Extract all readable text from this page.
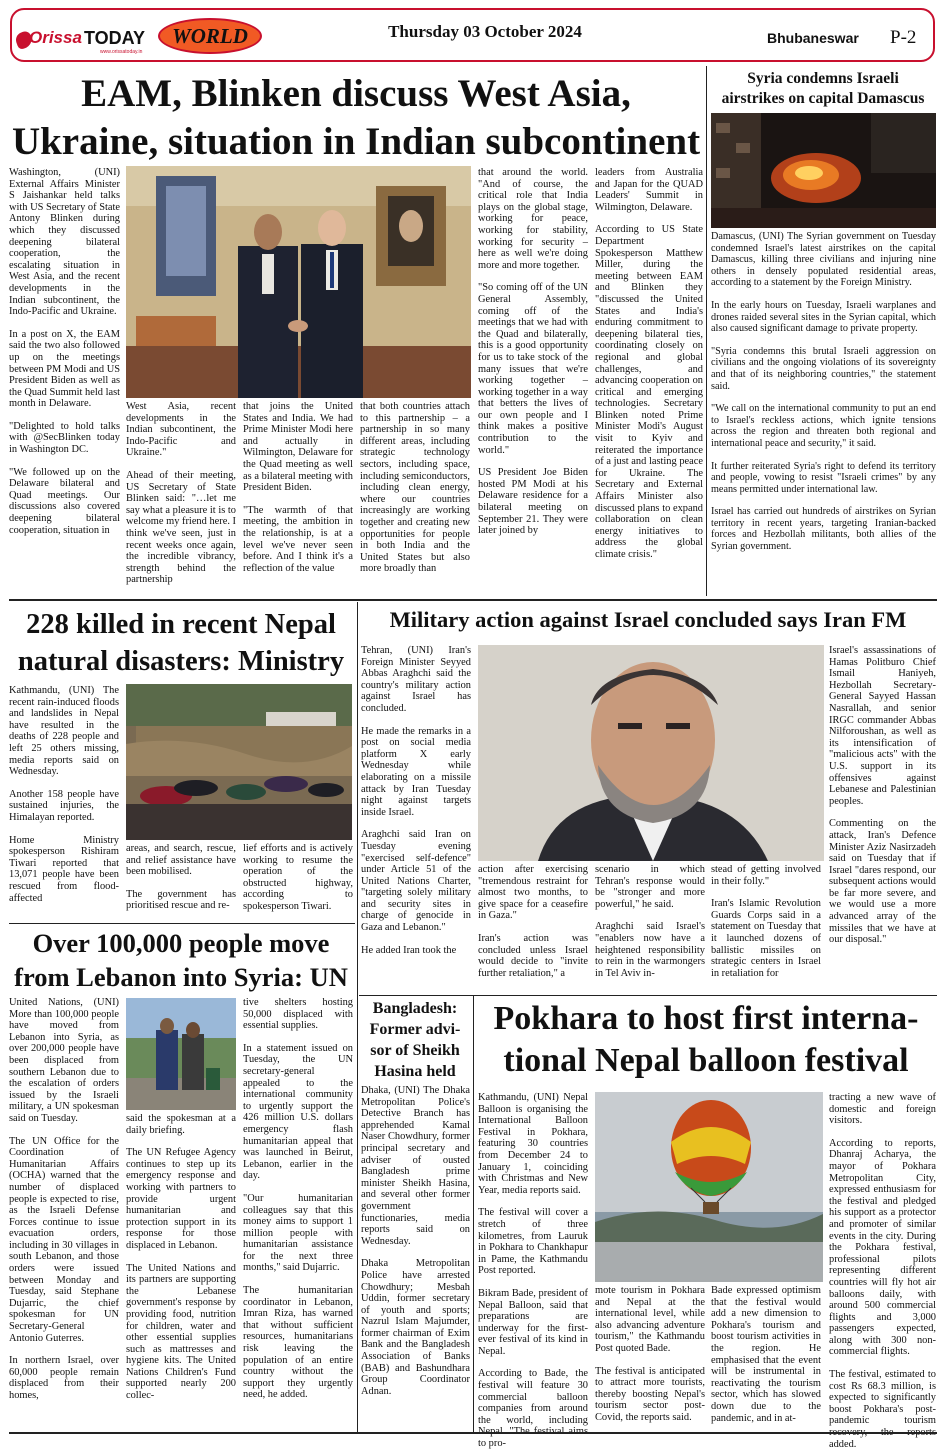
Orissa TODAY
www.orissatoday.in
WORLD	Thursday 03 October 2024	Bhubaneswar P-2
EAM, Blinken discuss West Asia,
Ukraine, situation in Indian subcontinent

Washington, (UNI) External Affairs Minister S Jaishankar held talks with US Secretary of State Antony Blinken during which they discussed deepening bilateral cooperation, the escalating situation in West Asia, and the recent developments in the Indian subcontinent, the Indo-Pacific and Ukraine.

In a post on X, the EAM said the two also followed up on the meetings between PM Modi and US President Biden as well as the Quad Summit held last month in Delaware.

"Delighted to hold talks with @SecBlinken today in Washington DC.

"We followed up on the Delaware bilateral and Quad meetings. Our discussions also covered deepening bilateral cooperation, situation in

West Asia, recent developments in the Indian subcontinent, the Indo-Pacific and Ukraine."

Ahead of their meeting, US Secretary of State Blinken said: "…let me say what a pleasure it is to welcome my friend here. I think we've seen, just in recent weeks once again, the incredible vibrancy, strength behind the partnership

that joins the United States and India. We had Prime Minister Modi here and actually in Wilmington, Delaware for the Quad meeting as well as a bilateral meeting with President Biden.

"The warmth of that meeting, the ambition in the relationship, is at a level we've never seen before. And I think it's a reflection of the value

that both countries attach to this partnership – a partnership in so many different areas, including strategic technology sectors, including space, including semiconductors, including clean energy, where our countries increasingly are working together and creating new opportunities for people in both India and the United States but also more broadly than

that around the world. "And of course, the critical role that India plays on the global stage, working for peace, working for stability, working for security – here as well we're doing more and more together.

"So coming off of the UN General Assembly, coming off of the meetings that we had with the Quad and bilaterally, this is a good opportunity for us to take stock of the many issues that we're working together – working together in a way that betters the lives of our own people and I think makes a positive contribution to the world."

US President Joe Biden hosted PM Modi at his Delaware residence for a bilateral meeting on September 21. They were later joined by

leaders from Australia and Japan for the QUAD Leaders' Summit in Wilmington, Delaware.

According to US State Department Spokesperson Matthew Miller, during the meeting between EAM and Blinken they "discussed the United States and India's enduring commitment to deepening bilateral ties, coordinating closely on regional and global challenges, and advancing cooperation on critical and emerging technologies. Secretary Blinken noted Prime Minister Modi's August visit to Kyiv and reiterated the importance of a just and lasting peace for Ukraine. The Secretary and External Affairs Minister also discussed plans to expand collaboration on clean energy initiatives to address the global climate crisis."

Syria condemns Israeli
airstrikes on capital Damascus

Damascus, (UNI) The Syrian government on Tuesday condemned Israel's latest airstrikes on the capital Damascus, killing three civilians and injuring nine others in densely populated residential areas, according to a statement by the Foreign Ministry.

In the early hours on Tuesday, Israeli warplanes and drones raided several sites in the Syrian capital, which also caused significant damage to private property.

"Syria condemns this brutal Israeli aggression on civilians and the ongoing violations of its sovereignty and that of its neighboring countries," the statement said.

"We call on the international community to put an end to Israel's reckless actions, which ignite tensions across the region and threaten both regional and international peace and security," it said.

It further reiterated Syria's right to defend its territory and people, vowing to resist "Israeli crimes" by any means permitted under international law.

Israel has carried out hundreds of airstrikes on Syrian territory in recent years, targeting Iranian-backed forces and Hezbollah militants, both allies of the Syrian government.

228 killed in recent Nepal
natural disasters: Ministry

Kathmandu, (UNI) The recent rain-induced floods and landslides in Nepal have resulted in the deaths of 228 people and left 25 others missing, media reports said on Wednesday.

Another 158 people have sustained injuries, the Himalayan reported.

Home Ministry spokesperson Rishiram Tiwari reported that 13,071 people have been rescued from flood-affected

areas, and search, rescue, and relief assistance have been mobilised.

The government has prioritised rescue and re-

lief efforts and is actively working to resume the operation of the obstructed highway, according to spokesperson Tiwari.

Military action against Israel concluded says Iran FM

Tehran, (UNI) Iran's Foreign Minister Seyyed Abbas Araghchi said the country's military action against Israel has concluded.

He made the remarks in a post on social media platform X early Wednesday while elaborating on a missile attack by Iran Tuesday night against targets inside Israel.

Araghchi said Iran on Tuesday evening "exercised self-defence" under Article 51 of the United Nations Charter, "targeting solely military and security sites in charge of genocide in Gaza and Lebanon."

He added Iran took the

action after exercising "tremendous restraint for almost two months, to give space for a ceasefire in Gaza."

Iran's action was concluded unless Israel would decide to "invite further retaliation," a

scenario in which Tehran's response would be "stronger and more powerful," he said.

Araghchi said Israel's "enablers now have a heightened responsibility to rein in the warmongers in Tel Aviv in-

stead of getting involved in their folly."

Iran's Islamic Revolution Guards Corps said in a statement on Tuesday that it launched dozens of ballistic missiles on strategic centers in Israel in retaliation for

Israel's assassinations of Hamas Politburo Chief Ismail Haniyeh, Hezbollah Secretary-General Sayyed Hassan Nasrallah, and senior IRGC commander Abbas Nilforoushan, as well as its intensification of "malicious acts" with the U.S. support in its offensives against Lebanese and Palestinian peoples.

Commenting on the attack, Iran's Defence Minister Aziz Nasirzadeh said on Tuesday that if Israel "dares respond, our subsequent actions would be far more severe, and we would use a more advanced array of the missiles that we have at our disposal."

Over 100,000 people move
from Lebanon into Syria: UN

United Nations, (UNI) More than 100,000 people have moved from Lebanon into Syria, as over 200,000 people have been displaced from southern Lebanon due to the escalation of orders issued by the Israeli military, a UN spokesman said on Tuesday.

The UN Office for the Coordination of Humanitarian Affairs (OCHA) warned that the number of displaced people is expected to rise, as the Israeli Defense Forces continue to issue evacuation orders, including in 30 villages in south Lebanon, and those orders were issued between Monday and Tuesday, said Stephane Dujarric, the chief spokesman for UN Secretary-General Antonio Guterres.

In northern Israel, over 60,000 people remain displaced from their homes,

said the spokesman at a daily briefing.

The UN Refugee Agency continues to step up its emergency response and working with partners to provide urgent humanitarian and protection support in its response for those displaced in Lebanon.

The United Nations and its partners are supporting the Lebanese government's response by providing food, nutrition for children, water and other essential supplies such as mattresses and hygiene kits. The United Nations Children's Fund supported nearly 200 collec-

tive shelters hosting 50,000 displaced with essential supplies.

In a statement issued on Tuesday, the UN secretary-general appealed to the international community to urgently support the 426 million U.S. dollars emergency flash humanitarian appeal that was launched in Beirut, Lebanon, earlier in the day.

"Our humanitarian colleagues say that this money aims to support 1 million people with humanitarian assistance for the next three months," said Dujarric.

The humanitarian coordinator in Lebanon, Imran Riza, has warned that without sufficient resources, humanitarians risk leaving the population of an entire country without the support they urgently need, he added.

Bangladesh:
Former advi-
sor of Sheikh
Hasina held

Dhaka, (UNI) The Dhaka Metropolitan Police's Detective Branch has apprehended Kamal Naser Chowdhury, former principal secretary and adviser of ousted Bangladesh prime minister Sheikh Hasina, and several other former government functionaries, media reports said on Wednesday.

Dhaka Metropolitan Police have arrested Chowdhury; Mesbah Uddin, former secretary of youth and sports; Nazrul Islam Majumder, former chairman of Exim Bank and the Bangladesh Association of Banks (BAB) and Bashundhara Group Coordinator Adnan.

Pokhara to host first interna-
tional Nepal balloon festival

Kathmandu, (UNI) Nepal Balloon is organising the International Balloon Festival in Pokhara, featuring 30 countries from December 24 to January 1, coinciding with Christmas and New Year, media reports said.

The festival will cover a stretch of three kilometres, from Lauruk in Pokhara to Chankhapur in Pame, the Kathmandu Post reported.

Bikram Bade, president of Nepal Balloon, said that preparations are underway for the first-ever festival of its kind in Nepal.

According to Bade, the festival will feature 30 commercial balloon companies from around the world, including to pro-

mote tourism in Pokhara and Nepal at the international level, while also advancing adventure tourism," the Kathmandu Post quoted Bade.

The festival is anticipated to attract more tourists, thereby boosting Nepal's tourism sector post-Covid, the reports said.

Bade expressed optimism that the festival would add a new dimension to Pokhara's tourism and boost tourism activities in the region. He emphasised that the event will be instrumental in reactivating the tourism sector, which has slowed down due to the pandemic, and in at-

tracting a new wave of domestic and foreign visitors.

According to reports, Dhanraj Acharya, the mayor of Pokhara Metropolitan City, expressed enthusiasm for the festival and pledged his support as a protector and promoter of similar events in the city. During the Pokhara festival, professional pilots representing different countries will fly hot air balloons daily, with around 500 commercial flights and 3,000 passengers expected, along with 300 non-commercial flights.

The festival, estimated to cost Rs 68.3 million, is expected to significantly boost Pokhara's post-pandemic tourism added.
